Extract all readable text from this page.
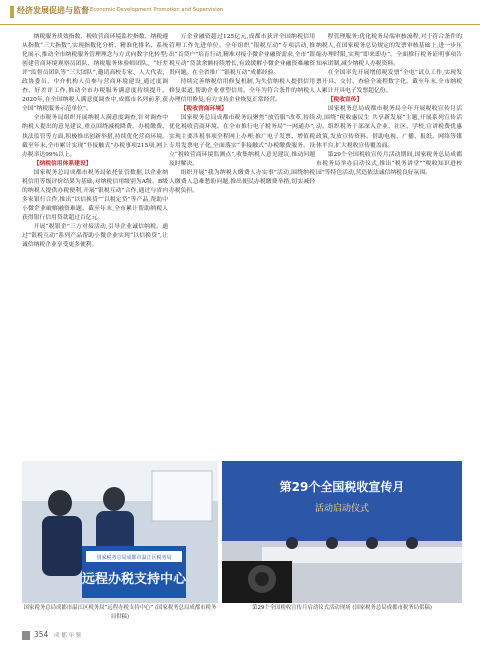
经济发展促进与监督 Economic Development Promotion and Supervision

纳税服务质效指数、税收营商环境监控指数、纳税遵从指数“三大指数”,实现指数化分析、精准化排名、系统化展示,推动全市纳税服务管理理念与方式向数字化转型;创建营商环境观察员团队、纳税服务体验师团队、“好差评”监督员团队等“三大团队”,邀请高校专家、人大代表、政协委员、中介机构人员参与营商环境建设,通过度调查、好差评工作,推动全市办税服务满意度持续提升。2020年,在全国纳税人满意度调查中,成都市名列前茅,获全国“纳税服务示范单位”。

全市税务局组织开展纳税人满意度调查,针对调查中纳税人提出的意见建议,重点围绕减税降费、办税缴费、执法监管等方面,积极推出创新举措,持续优化营商环境。截至年末,全市累计实现“非接触式”办税事项215项,网上办税率达99%以上。

【纳税信用体系建设】

国家税务总局成都市税务局依托征管数据,以企业纳税信用等级评价结果为基础,对纳税信用级别为A级、B级的纳税人提供办税便利,开展“银税互动”合作,通过与省内多家银行合作,推出“以信换贷”“以税定贷”等产品,帮助中小微企业破解融资难题。截至年末,全市累计帮助纳税人获得银行信用贷款超过百亿元。

开展“税银企”三方对接活动,引导企业诚信纳税。通过“银税互动”系列产品帮助小微企业实现“以信换贷”,让诚信纳税企业享受更多便利。

万企业融资超过125亿元,成都市获评全国纳税信用管理工作先进单位。全年组织“银税互动”专项活动,推出“首贷户”培育行动,精准对接小微企业融资需求,全市“银税互动”贷款余额持续增长,有效缓解小微企业融资难融资贵问题。在全省推广“银税互动”成都经验。

持续完善纳税信用修复机制,为失信纳税人提供信用修复渠道,帮助企业重塑信用。全年为符合条件的纳税人办理信用修复,有力支持企业恢复正常经营。

【税收营商环境】

国家税务总局成都市税务局聚焦“放管服”改革,持续优化税收营商环境。在全市推行电子税务局“一网通办”,实现主要涉税事项全程网上办理;推广电子发票、增值税专用发票电子化,全面落实“非接触式”办税缴费服务。设立“税收营商环境监测点”,收集纳税人意见建议,推动问题及时解决。

组织开展“我为纳税人缴费人办实事”活动,围绕纳税人缴费人急难愁盼问题,推出便民办税缴费举措,切实减轻办税负担。

程管理服务;优化税务局端审核流程,对于符合条件的纳税人,在国家税务总局规定的发票审核基础上,进一步压缩办理时限,实现“即来即办”。全面推行税务证明事项告知承诺制,减少纳税人办税资料。

在全国率先开展增值税发票“全电”试点工作,实现发票开具、交付、查验全流程数字化。截至年末,全市纳税人累计开具电子发票超亿份。

【税收宣传】

国家税务总局成都市税务局全年开展税收宣传月活动,围绕“税收惠民生 共享新发展”主题,开展系列宣传活动。组织税务干部深入企业、社区、学校,宣讲税费优惠政策,发放宣传资料。借助电视、广播、报纸、网络等媒体平台,扩大税收宣传覆盖面。

第29个全国税收宣传月活动期间,国家税务总局成都市税务局举办启动仪式,推出“税务讲堂”“税收知识进校园”等特色活动,营造依法诚信纳税良好氛围。

国家税务总局成都市温江区税务局
远程办税支持中心
第29个全国税收宣传月
活动启动仪式
国家税务总局成都市温江区税务局“远程办税支持中心” (国家税务总局成都市税务局供稿)
第29个全国税收宣传月启动仪式活动现场 (国家税务总局成都市税务局供稿)
354 成 都 年 鉴
